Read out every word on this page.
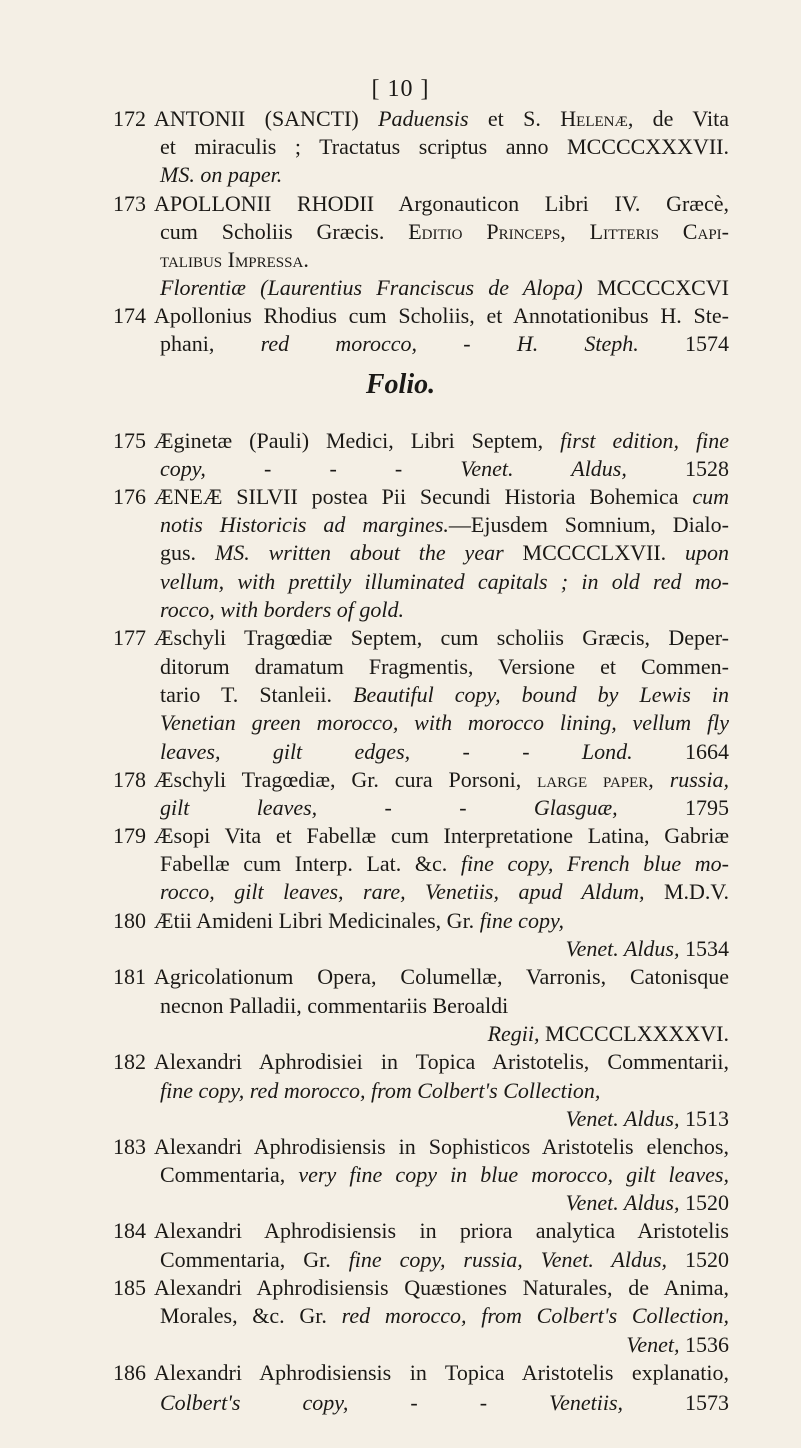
[ 10 ]
172 ANTONII (SANCTI) Paduensis et S. Helenæ, de Vita
et miraculis ; Tractatus scriptus anno MCCCCXXXVII.
MS. on paper.
173 APOLLONII RHODII Argonauticon Libri IV. Græcè,
cum Scholiis Græcis. Editio Princeps, Litteris Capi-
talibus Impressa.
Florentiæ (Laurentius Franciscus de Alopa) MCCCCXCVI
174 Apollonius Rhodius cum Scholiis, et Annotationibus H. Ste-
phani, red morocco, - H. Steph. 1574
Folio.
175 Æginetæ (Pauli) Medici, Libri Septem, first edition, fine
copy,	-	-	-	Venet. Aldus, 1528
176 ÆNEÆ SILVII postea Pii Secundi Historia Bohemica cum
notis Historicis ad margines.—Ejusdem Somnium, Dialo-
gus. MS. written about the year MCCCCLXVII. upon
vellum, with prettily illuminated capitals ; in old red mo-
rocco, with borders of gold.
177 Æschyli Tragœdiæ Septem, cum scholiis Græcis, Deper-
ditorum dramatum Fragmentis, Versione et Commen-
tario T. Stanleii. Beautiful copy, bound by Lewis in
Venetian green morocco, with morocco lining, vellum fly
leaves, gilt edges, - - Lond. 1664
178 Æschyli Tragœdiæ, Gr. cura Porsoni, large paper, russia,
gilt leaves,	-	-	Glasguæ, 1795
179 Æsopi Vita et Fabellæ cum Interpretatione Latina, Gabriæ
Fabellæ cum Interp. Lat. &c. fine copy, French blue mo-
rocco, gilt leaves, rare, Venetiis, apud Aldum, M.D.V.
180 Ætii Amideni Libri Medicinales, Gr. fine copy,
Venet. Aldus, 1534
181 Agricolationum Opera, Columellæ, Varronis, Catonisque
necnon Palladii, commentariis Beroaldi
Regii, MCCCCLXXXXVI.
182 Alexandri Aphrodisiei in Topica Aristotelis, Commentarii,
fine copy, red morocco, from Colbert's Collection,
Venet. Aldus, 1513
183 Alexandri Aphrodisiensis in Sophisticos Aristotelis elenchos,
Commentaria, very fine copy in blue morocco, gilt leaves,
Venet. Aldus, 1520
184 Alexandri Aphrodisiensis in priora analytica Aristotelis
Commentaria, Gr. fine copy, russia, Venet. Aldus, 1520
185 Alexandri Aphrodisiensis Quæstiones Naturales, de Anima,
Morales, &c. Gr. red morocco, from Colbert's Collection,
Venet, 1536
186 Alexandri Aphrodisiensis in Topica Aristotelis explanatio,
Colbert's copy,	-	-	Venetiis, 1573
